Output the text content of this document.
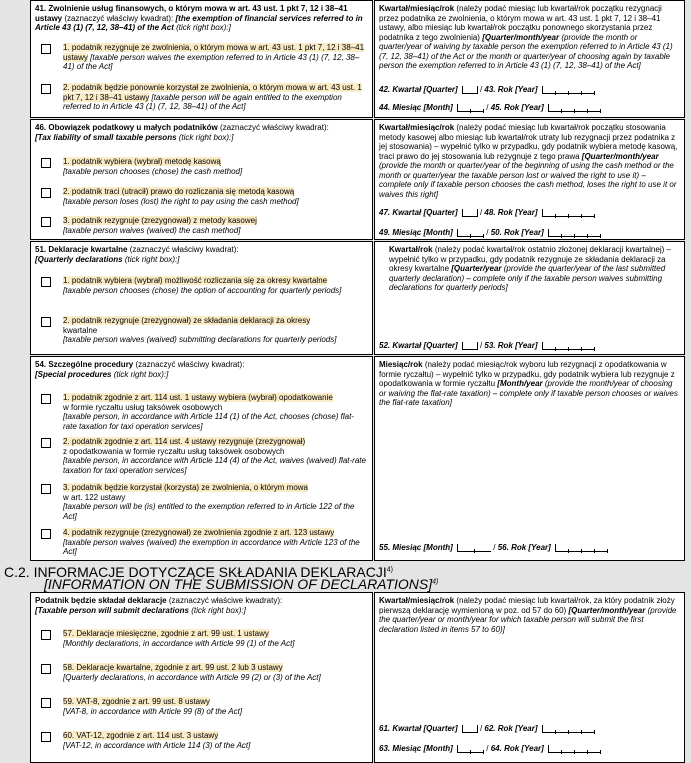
41. Zwolnienie usług finansowych, o którym mowa w art. 43 ust. 1 pkt 7, 12 i 38–41 ustawy (zaznaczyć właściwy kwadrat): [the exemption of financial services referred to in Article 43 (1) (7, 12, 38–41) of the Act (tick right box):]
1. podatnik rezygnuje ze zwolnienia, o którym mowa w art. 43 ust. 1 pkt 7, 12 i 38–41 ustawy [taxable person waives the exemption referred to in Article 43 (1) (7, 12, 38–41) of the Act]
2. podatnik będzie ponownie korzystał ze zwolnienia, o którym mowa w art. 43 ust. 1 pkt 7, 12 i 38–41 ustawy [taxable person will be again entitled to the exemption referred to in Article 43 (1) (7, 12, 38–41) of the Act]
Kwartał/miesiąc/rok (należy podać miesiąc lub kwartał/rok początku rezygnacji przez podatnika ze zwolnienia, o którym mowa w art. 43 ust. 1 pkt 7, 12 i 38–41 ustawy, albo miesiąc lub kwartał/rok początku ponownego skorzystania przez podatnika z tego zwolnienia) [Quarter/month/year (provide the month or quarter/year of waiving by taxable person the exemption referred to in Article 43 (1) (7, 12, 38–41) of the Act or the month or quarter/year of choosing again by taxable person the exemption referred to in Article 43 (1) (7, 12, 38–41) of the Act]
42. Kwartał [Quarter]	/ 43. Rok [Year]
44. Miesiąc [Month]	/ 45. Rok [Year]
46. Obowiązek podatkowy u małych podatników (zaznaczyć właściwy kwadrat):
[Tax liability of small taxable persons (tick right box):]
1. podatnik wybiera (wybrał) metodę kasową
[taxable person chooses (chose) the cash method]
2. podatnik traci (utracił) prawo do rozliczania się metodą kasową
[taxable person loses (lost) the right to pay using the cash method]
3. podatnik rezygnuje (zrezygnował) z metody kasowej
[taxable person waives (waived) the cash method]
Kwartał/miesiąc/rok (należy podać miesiąc lub kwartał/rok początku stosowania metody kasowej albo miesiąc lub kwartał/rok utraty lub rezygnacji przez podatnika z jej stosowania) – wypełnić tylko w przypadku, gdy podatnik wybiera metodę kasową, traci prawo do jej stosowania lub rezygnuje z tego prawa [Quarter/month/year (provide the month or quarter/year of the beginning of using the cash method or the month or quarter/year the taxable person lost or waived the right to use it) – complete only if taxable person chooses the cash method, loses the right to use it or waives this right]
47. Kwartał [Quarter]	/ 48. Rok [Year]
49. Miesiąc [Month]	/ 50. Rok [Year]
51. Deklaracje kwartalne (zaznaczyć właściwy kwadrat):
[Quarterly declarations (tick right box):]
1. podatnik wybiera (wybrał) możliwość rozliczania się za okresy kwartalne
[taxable person chooses (chose) the option of accounting for quarterly periods]
2. podatnik rezygnuje (zrezygnował) ze składania deklaracji za okresy
kwartalne
[taxable person waives (waived) submitting declarations for quarterly periods]
Kwartał/rok (należy podać kwartał/rok ostatnio złożonej deklaracji kwartalnej) – wypełnić tylko w przypadku, gdy podatnik rezygnuje ze składania deklaracji za okresy kwartalne [Quarter/year (provide the quarter/year of the last submitted quarterly declaration) – complete only if the taxable person waives submitting declarations for quarterly periods]
52. Kwartał [Quarter]	/ 53. Rok [Year]
54. Szczególne procedury (zaznaczyć właściwy kwadrat):
[Special procedures (tick right box):]
1. podatnik zgodnie z art. 114 ust. 1 ustawy wybiera (wybrał) opodatkowanie
w formie ryczałtu usług taksówek osobowych
[taxable person, in accordance with Article 114 (1) of the Act, chooses (chose) flat-rate taxation for taxi operation services]
2. podatnik zgodnie z art. 114 ust. 4 ustawy rezygnuje (zrezygnował)
z opodatkowania w formie ryczałtu usług taksówek osobowych
[taxable person, in accordance with Article 114 (4) of the Act, waives (waived) flat-rate taxation for taxi operation services]
3. podatnik będzie korzystał (korzysta) ze zwolnienia, o którym mowa
w art. 122 ustawy
[taxable person will be (is) entitled to the exemption referred to in Article 122 of the Act]
4. podatnik rezygnuje (zrezygnował) ze zwolnienia zgodnie z art. 123 ustawy
[taxable person waives (waived) the exemption in accordance with Article 123 of the Act]
Miesiąc/rok (należy podać miesiąc/rok wyboru lub rezygnacji z opodatkowania w formie ryczałtu) – wypełnić tylko w przypadku, gdy podatnik wybiera lub rezygnuje z opodatkowania w formie ryczałtu [Month/year (provide the month/year of choosing or waiving the flat-rate taxation) – complete only if taxable person chooses or waives the flat-rate taxation]
55. Miesiąc [Month]	/ 56. Rok [Year]
C.2. INFORMACJE DOTYCZĄCE SKŁADANIA DEKLARACJI$^{4)}$
[INFORMATION ON THE SUBMISSION OF DECLARATIONS]$^{4)}$
Podatnik będzie składał deklaracje (zaznaczyć właściwe kwadraty):
[Taxable person will submit declarations (tick right box):]
57. Deklaracje miesięczne, zgodnie z art. 99 ust. 1 ustawy
[Monthly declarations, in accordance with Article 99 (1) of the Act]
58. Deklaracje kwartalne, zgodnie z art. 99 ust. 2 lub 3 ustawy
[Quarterly declarations, in accordance with Article 99 (2) or (3) of the Act]
59. VAT-8, zgodnie z art. 99 ust. 8 ustawy
[VAT-8, in accordance with Article 99 (8) of the Act]
60. VAT-12, zgodnie z art. 114 ust. 3 ustawy
[VAT-12, in accordance with Article 114 (3) of the Act]
Kwartał/miesiąc/rok (należy podać miesiąc lub kwartał/rok, za który podatnik złoży pierwszą deklarację wymienioną w poz. od 57 do 60) [Quarter/month/year (provide the quarter/year or month/year for which taxable person will submit the first declaration listed in items 57 to 60)]
61. Kwartał [Quarter]	/ 62. Rok [Year]
63. Miesiąc [Month]	/ 64. Rok [Year]
